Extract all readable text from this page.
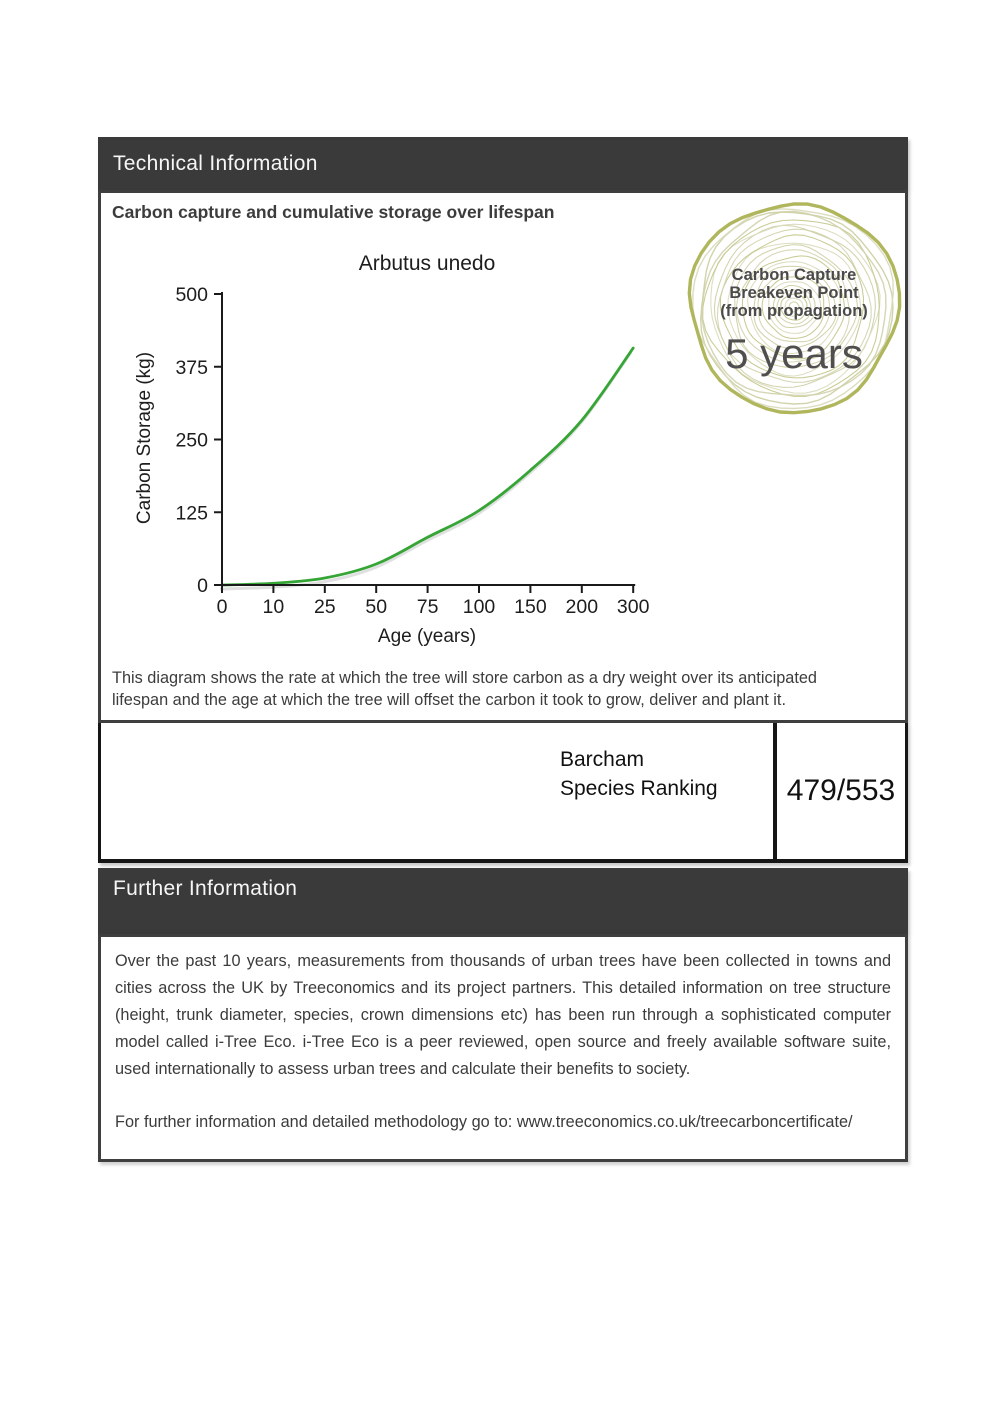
Technical Information
Carbon capture and cumulative storage over lifespan
0 10 25 50 75 100 150 200 300
0
125
250
375
500
Arbutus unedo
Age (years)
Carbon Storage (kg)
Carbon Capture
Breakeven Point
(from propagation)
5 years
This diagram shows the rate at which the tree will store carbon as a dry weight over its anticipated
lifespan and the age at which the tree will offset the carbon it took to grow, deliver and plant it.
Barcham
Species Ranking 479/553
Further Information

Over the past 10 years, measurements from thousands of urban trees have been collected in towns and cities across the UK by Treeconomics and its project partners. This detailed information on tree structure (height, trunk diameter, species, crown dimensions etc) has been run through a sophisticated computer model called i-Tree Eco. i-Tree Eco is a peer reviewed, open source and freely available software suite, used internationally to assess urban trees and calculate their benefits to society.

For further information and detailed methodology go to: www.treeconomics.co.uk/treecarboncertificate/
